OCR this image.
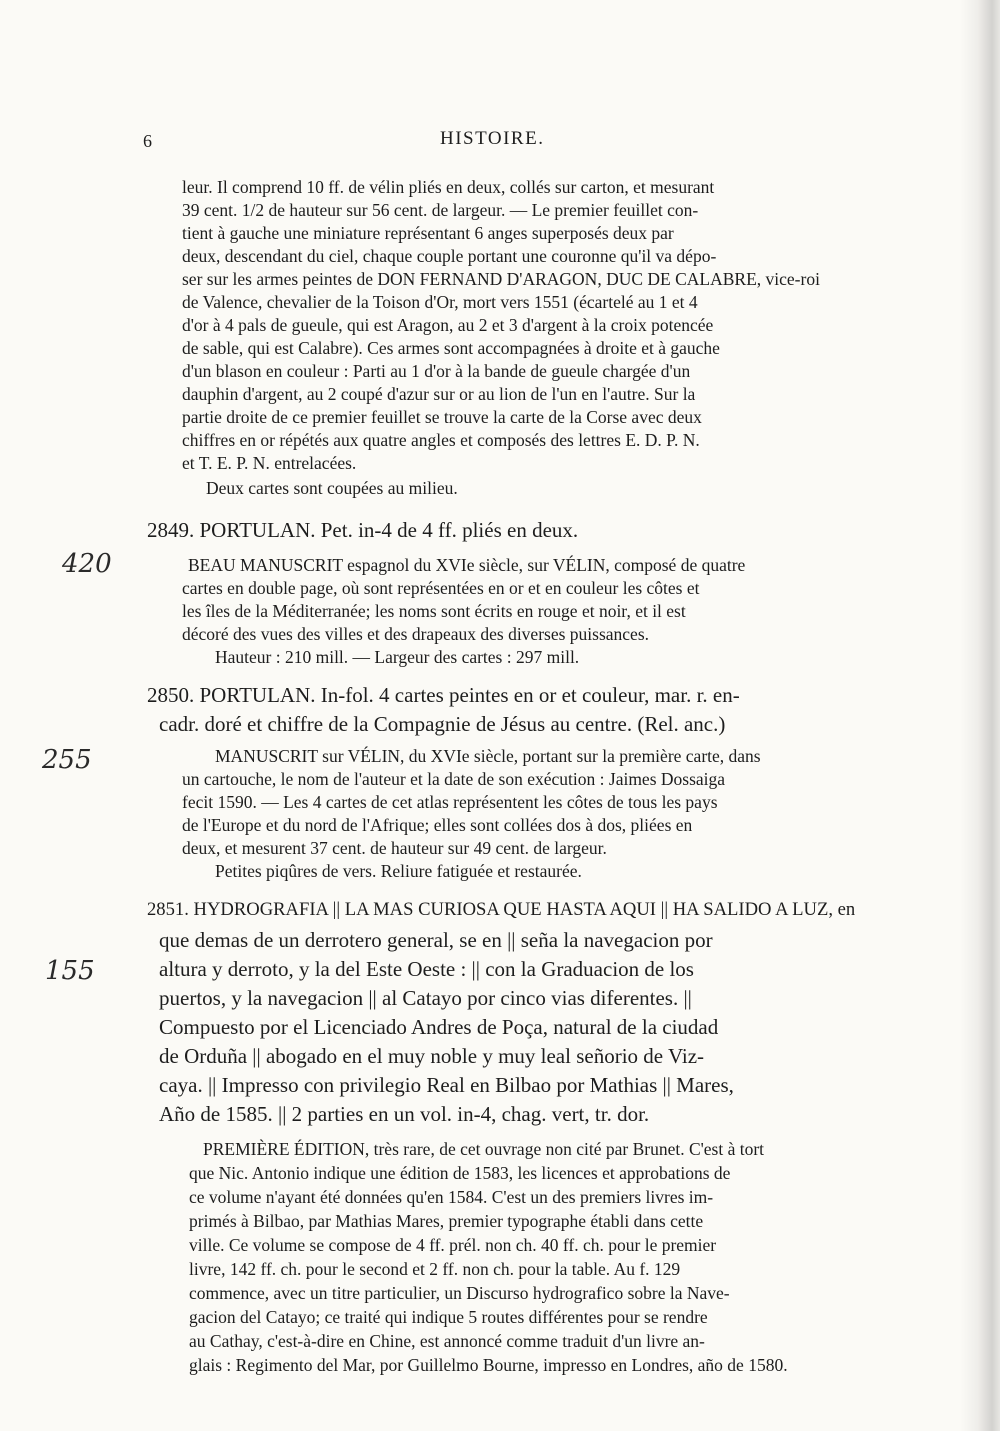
6	HISTOIRE.
leur. Il comprend 10 ff. de vélin pliés en deux, collés sur carton, et mesurant
39 cent. 1/2 de hauteur sur 56 cent. de largeur. — Le premier feuillet con-
tient à gauche une miniature représentant 6 anges superposés deux par
deux, descendant du ciel, chaque couple portant une couronne qu'il va dépo-
ser sur les armes peintes de DON FERNAND D'ARAGON, DUC DE CALABRE, vice-roi
de Valence, chevalier de la Toison d'Or, mort vers 1551 (écartelé au 1 et 4
d'or à 4 pals de gueule, qui est Aragon, au 2 et 3 d'argent à la croix potencée
de sable, qui est Calabre). Ces armes sont accompagnées à droite et à gauche
d'un blason en couleur : Parti au 1 d'or à la bande de gueule chargée d'un
dauphin d'argent, au 2 coupé d'azur sur or au lion de l'un en l'autre. Sur la
partie droite de ce premier feuillet se trouve la carte de la Corse avec deux
chiffres en or répétés aux quatre angles et composés des lettres E. D. P. N.
et T. E. P. N. entrelacées.
Deux cartes sont coupées au milieu.
2849. PORTULAN. Pet. in-4 de 4 ff. pliés en deux.
BEAU MANUSCRIT espagnol du XVIe siècle, sur VÉLIN, composé de quatre
cartes en double page, où sont représentées en or et en couleur les côtes et
les îles de la Méditerranée; les noms sont écrits en rouge et noir, et il est
décoré des vues des villes et des drapeaux des diverses puissances.
Hauteur : 210 mill. — Largeur des cartes : 297 mill.
420
2850. PORTULAN. In-fol. 4 cartes peintes en or et couleur, mar. r. en-
cadr. doré et chiffre de la Compagnie de Jésus au centre. (Rel. anc.)
MANUSCRIT sur VÉLIN, du XVIe siècle, portant sur la première carte, dans
un cartouche, le nom de l'auteur et la date de son exécution : Jaimes Dossaiga
fecit 1590. — Les 4 cartes de cet atlas représentent les côtes de tous les pays
de l'Europe et du nord de l'Afrique; elles sont collées dos à dos, pliées en
deux, et mesurent 37 cent. de hauteur sur 49 cent. de largeur.
Petites piqûres de vers. Reliure fatiguée et restaurée.
255
2851. HYDROGRAFIA || LA MAS CURIOSA QUE HASTA AQUI || HA SALIDO A LUZ, en
que demas de un derrotero general, se en || seña la navegacion por
altura y derroto, y la del Este Oeste : || con la Graduacion de los
puertos, y la navegacion || al Catayo por cinco vias diferentes. ||
Compuesto por el Licenciado Andres de Poça, natural de la ciudad
de Orduña || abogado en el muy noble y muy leal señorio de Viz-
caya. || Impresso con privilegio Real en Bilbao por Mathias || Mares,
Año de 1585. || 2 parties en un vol. in-4, chag. vert, tr. dor.
PREMIÈRE ÉDITION, très rare, de cet ouvrage non cité par Brunet. C'est à tort
que Nic. Antonio indique une édition de 1583, les licences et approbations de
ce volume n'ayant été données qu'en 1584. C'est un des premiers livres im-
primés à Bilbao, par Mathias Mares, premier typographe établi dans cette
ville. Ce volume se compose de 4 ff. prél. non ch. 40 ff. ch. pour le premier
livre, 142 ff. ch. pour le second et 2 ff. non ch. pour la table. Au f. 129
commence, avec un titre particulier, un Discurso hydrografico sobre la Nave-
gacion del Catayo; ce traité qui indique 5 routes différentes pour se rendre
au Cathay, c'est-à-dire en Chine, est annoncé comme traduit d'un livre an-
glais : Regimento del Mar, por Guillelmo Bourne, impresso en Londres, año de 1580.
155
